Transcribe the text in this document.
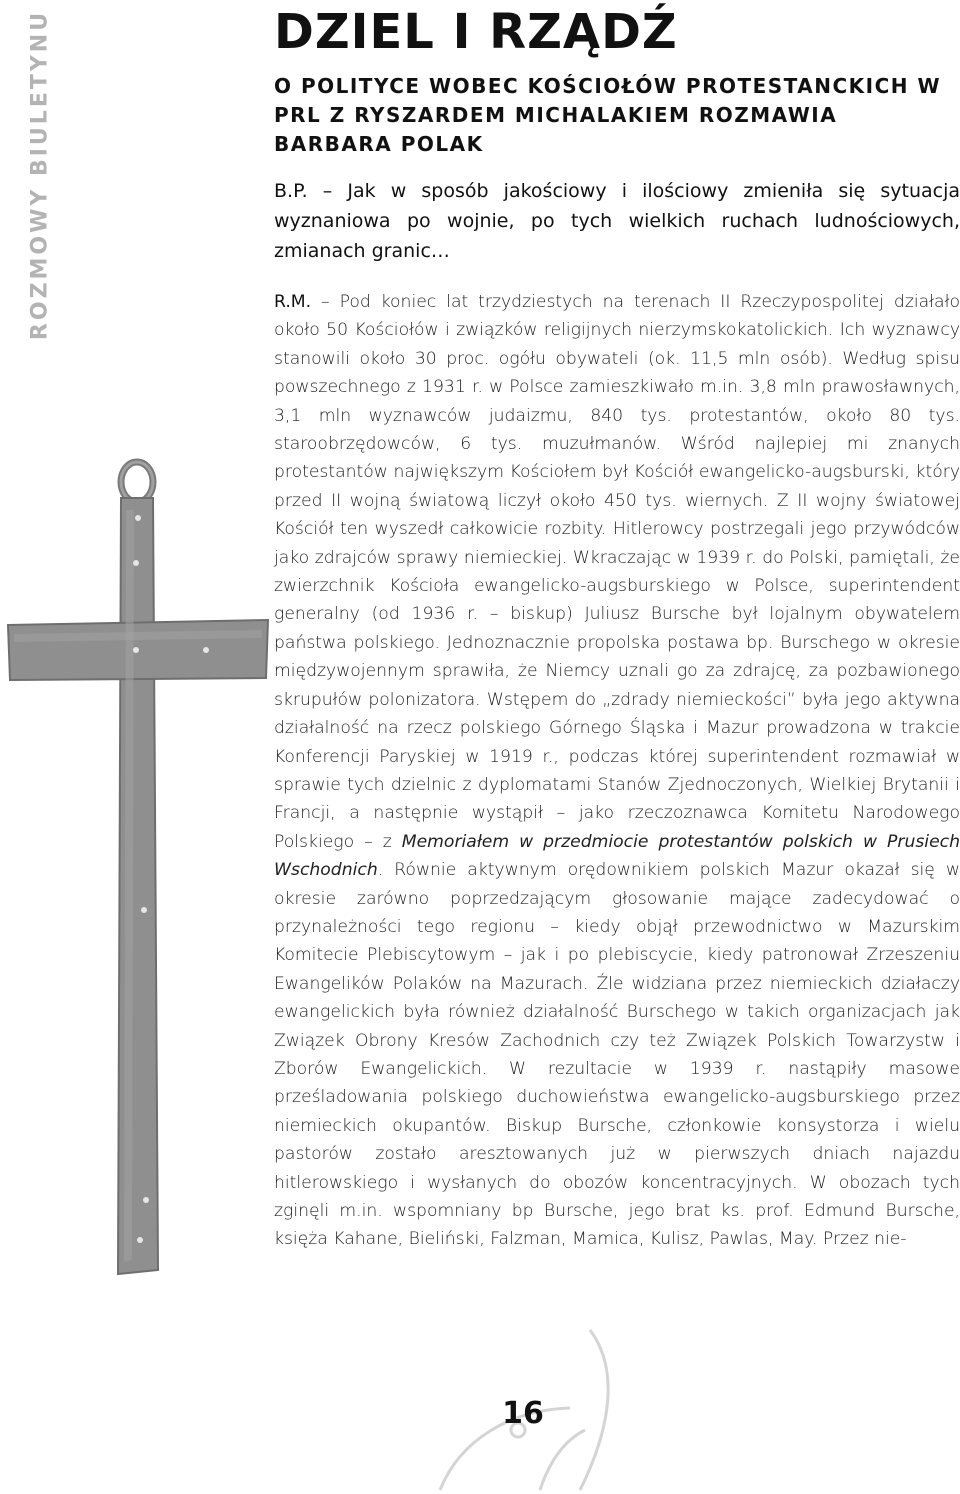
ROZMOWY BIULETYNU	DZIEL I RZĄDŹ

O POLITYCE WOBEC KOŚCIOŁÓW PROTESTANCKICH W PRL Z RYSZARDEM MICHALAKIEM ROZMAWIA BARBARA POLAK

B.P. – Jak w sposób jakościowy i ilościowy zmieniła się sytuacja wyznaniowa po wojnie, po tych wielkich ruchach ludnościowych, zmianach granic…

R.M. – Pod koniec lat trzydziestych na terenach II Rzeczypospolitej działało około 50 Kościołów i związków religijnych nierzymskokatolickich. Ich wyznawcy stanowili około 30 proc. ogółu obywateli (ok. 11,5 mln osób). Według spisu powszechnego z 1931 r. w Polsce zamieszkiwało m.in. 3,8 mln prawosławnych, 3,1 mln wyznawców judaizmu, 840 tys. protestantów, około 80 tys. staroobrzędowców, 6 tys. muzułmanów. Wśród najlepiej mi znanych protestantów największym Kościołem był Kościół ewangelicko-augsburski, który przed II wojną światową liczył około 450 tys. wiernych. Z II wojny światowej Kościół ten wyszedł całkowicie rozbity. Hitlerowcy postrzegali jego przywódców jako zdrajców sprawy niemieckiej. Wkraczając w 1939 r. do Polski, pamiętali, że zwierzchnik Kościoła ewangelicko-augsburskiego w Polsce, superintendent generalny (od 1936 r. – biskup) Juliusz Bursche był lojalnym obywatelem państwa polskiego. Jednoznacznie propolska postawa bp. Burschego w okresie międzywojennym sprawiła, że Niemcy uznali go za zdrajcę, za pozbawionego skrupułów polonizatora. Wstępem do „zdrady niemieckości” była jego aktywna działalność na rzecz polskiego Górnego Śląska i Mazur prowadzona w trakcie Konferencji Paryskiej w 1919 r., podczas której superintendent rozmawiał w sprawie tych dzielnic z dyplomatami Stanów Zjednoczonych, Wielkiej Brytanii i Francji, a następnie wystąpił – jako rzeczoznawca Komitetu Narodowego Polskiego – z Memoriałem w przedmiocie protestantów polskich w Prusiech Wschodnich. Równie aktywnym orędownikiem polskich Mazur okazał się w okresie zarówno poprzedzającym głosowanie mające zadecydować o przynależności tego regionu – kiedy objął przewodnictwo w Mazurskim Komitecie Plebiscytowym – jak i po plebiscycie, kiedy patronował Zrzeszeniu Ewangelików Polaków na Mazurach. Źle widziana przez niemieckich działaczy ewangelickich była również działalność Burschego w takich organizacjach jak Związek Obrony Kresów Zachodnich czy też Związek Polskich Towarzystw i Zborów Ewangelickich. W rezultacie w 1939 r. nastąpiły masowe prześladowania polskiego duchowieństwa ewangelicko-augsburskiego przez niemieckich okupantów. Biskup Bursche, członkowie konsystorza i wielu pastorów zostało aresztowanych już w pierwszych dniach najazdu hitlerowskiego i wysłanych do obozów koncentracyjnych. W obozach tych zginęli m.in. wspomniany bp Bursche, jego brat ks. prof. Edmund Bursche, księża Kahane, Bieliński, Falzman, Mamica, Kulisz, Pawlas, May. Przez nie-

16
